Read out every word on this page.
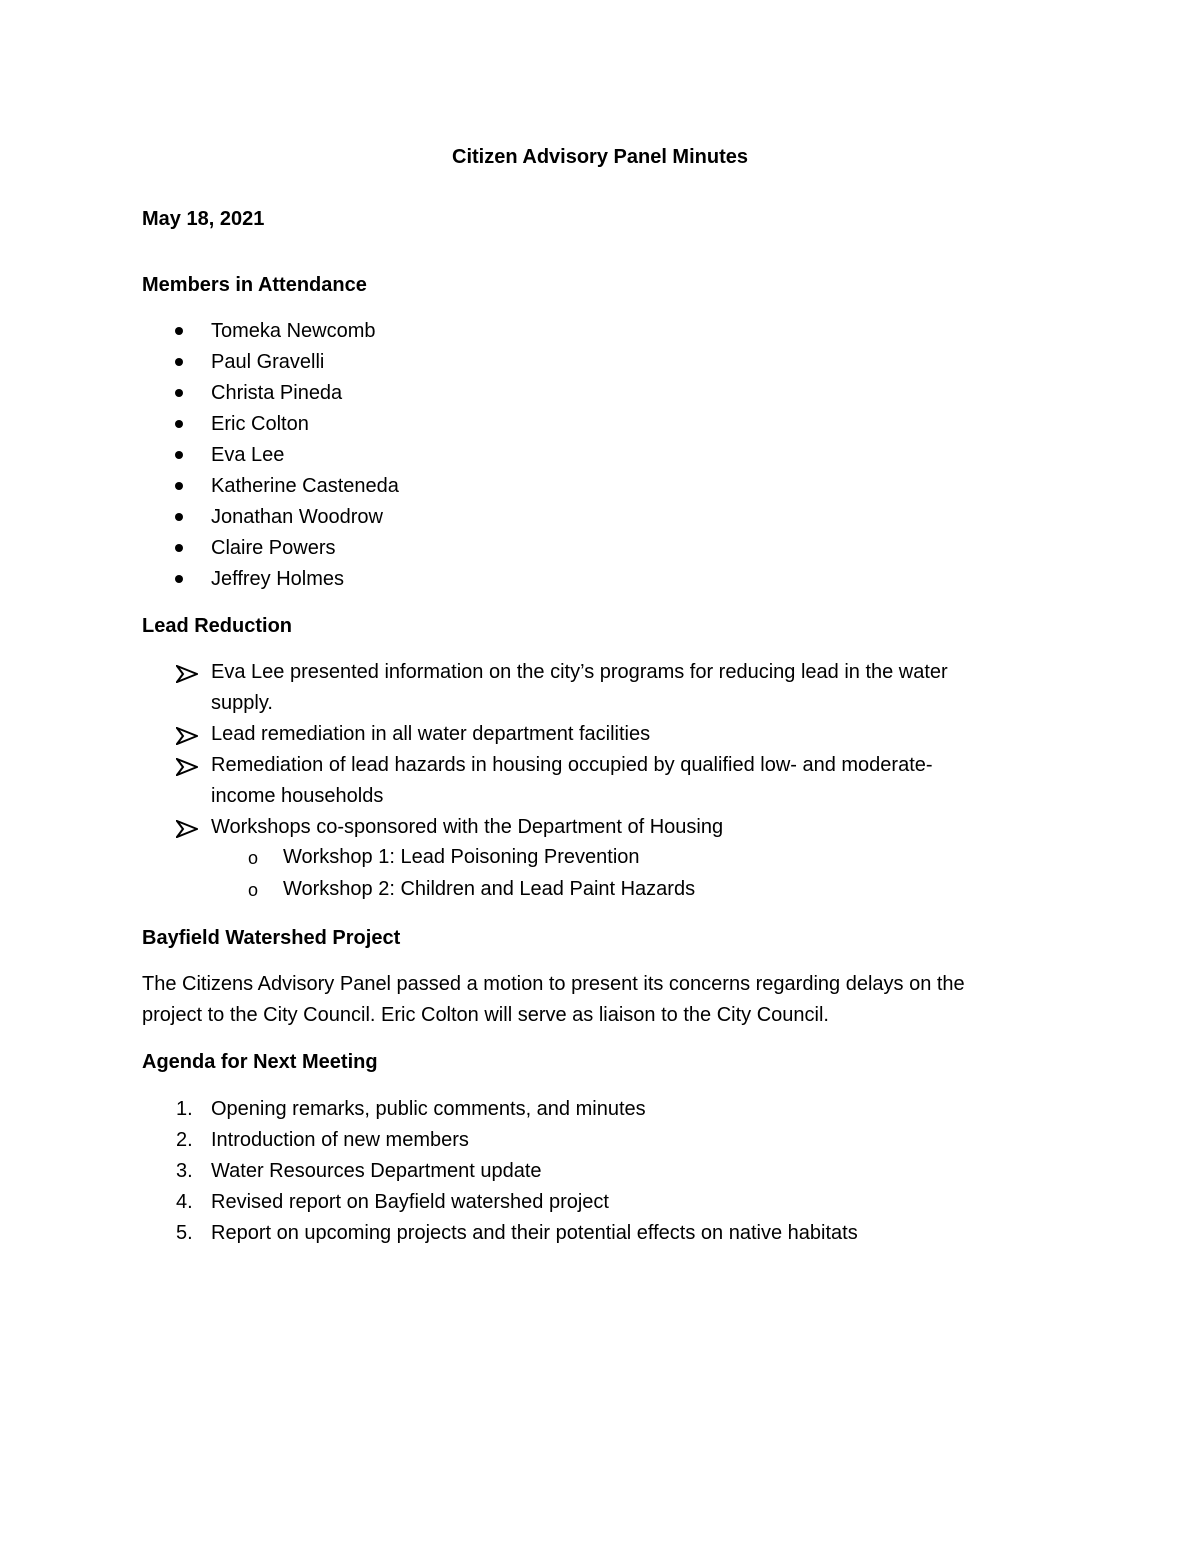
Citizen Advisory Panel Minutes
May 18, 2021
Members in Attendance
Tomeka Newcomb
Paul Gravelli
Christa Pineda
Eric Colton
Eva Lee
Katherine Casteneda
Jonathan Woodrow
Claire Powers
Jeffrey Holmes
Lead Reduction
Eva Lee presented information on the city’s programs for reducing lead in the water
supply.
Lead remediation in all water department facilities
Remediation of lead hazards in housing occupied by qualified low- and moderate-
income households
Workshops co-sponsored with the Department of Housing
o Workshop 1: Lead Poisoning Prevention
o Workshop 2: Children and Lead Paint Hazards
Bayfield Watershed Project
The Citizens Advisory Panel passed a motion to present its concerns regarding delays on the
project to the City Council. Eric Colton will serve as liaison to the City Council.
Agenda for Next Meeting
1. Opening remarks, public comments, and minutes
2. Introduction of new members
3. Water Resources Department update
4. Revised report on Bayfield watershed project
5. Report on upcoming projects and their potential effects on native habitats
